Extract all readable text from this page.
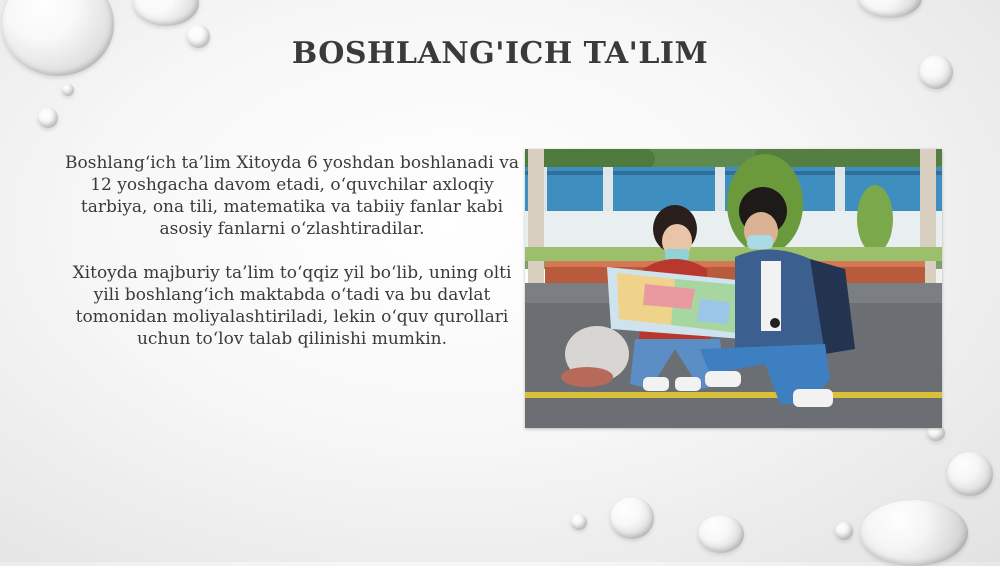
BOSHLANG'ICH TA'LIM

Boshlang‘ich ta’lim Xitoyda 6 yoshdan boshlanadi va 12 yoshgacha davom etadi, o‘quvchilar axloqiy tarbiya, ona tili, matematika va tabiiy fanlar kabi asosiy fanlarni o‘zlashtiradilar.

Xitoyda majburiy ta’lim to‘qqiz yil bo‘lib, uning olti yili boshlang‘ich maktabda o‘tadi va bu davlat tomonidan moliyalashtiriladi, lekin o‘quv qurollari uchun to‘lov talab qilinishi mumkin.
